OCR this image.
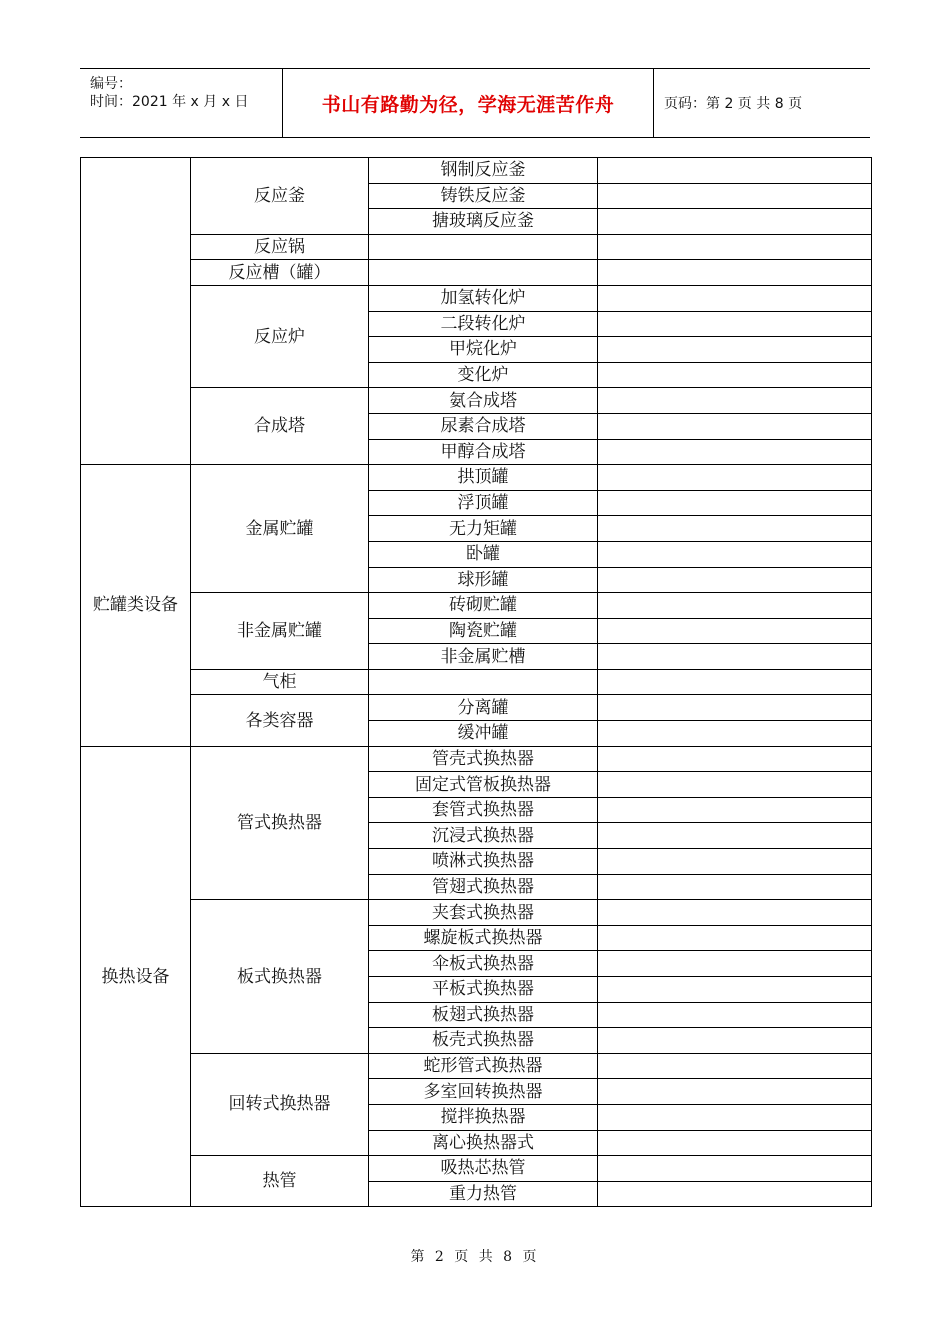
编号：
时间：2021 年 x 月 x 日	书山有路勤为径，学海无涯苦作舟	页码：第 2 页 共 8 页
	反应釜	钢制反应釜	
		铸铁反应釜	
		搪玻璃反应釜	
	反应锅		
	反应槽（罐）		
	反应炉	加氢转化炉	
		二段转化炉	
		甲烷化炉	
		变化炉	
	合成塔	氨合成塔	
		尿素合成塔	
		甲醇合成塔	
贮罐类设备	金属贮罐	拱顶罐	
		浮顶罐	
		无力矩罐	
		卧罐	
		球形罐	
	非金属贮罐	砖砌贮罐	
		陶瓷贮罐	
		非金属贮槽	
	气柜		
	各类容器	分离罐	
		缓冲罐	
换热设备	管式换热器	管壳式换热器	
		固定式管板换热器	
		套管式换热器	
		沉浸式换热器	
		喷淋式换热器	
		管翅式换热器	
	板式换热器	夹套式换热器	
		螺旋板式换热器	
		伞板式换热器	
		平板式换热器	
		板翅式换热器	
		板壳式换热器	
	回转式换热器	蛇形管式换热器	
		多室回转换热器	
		搅拌换热器	
		离心换热器式	
	热管	吸热芯热管	
		重力热管	
第 2 页 共 8 页
